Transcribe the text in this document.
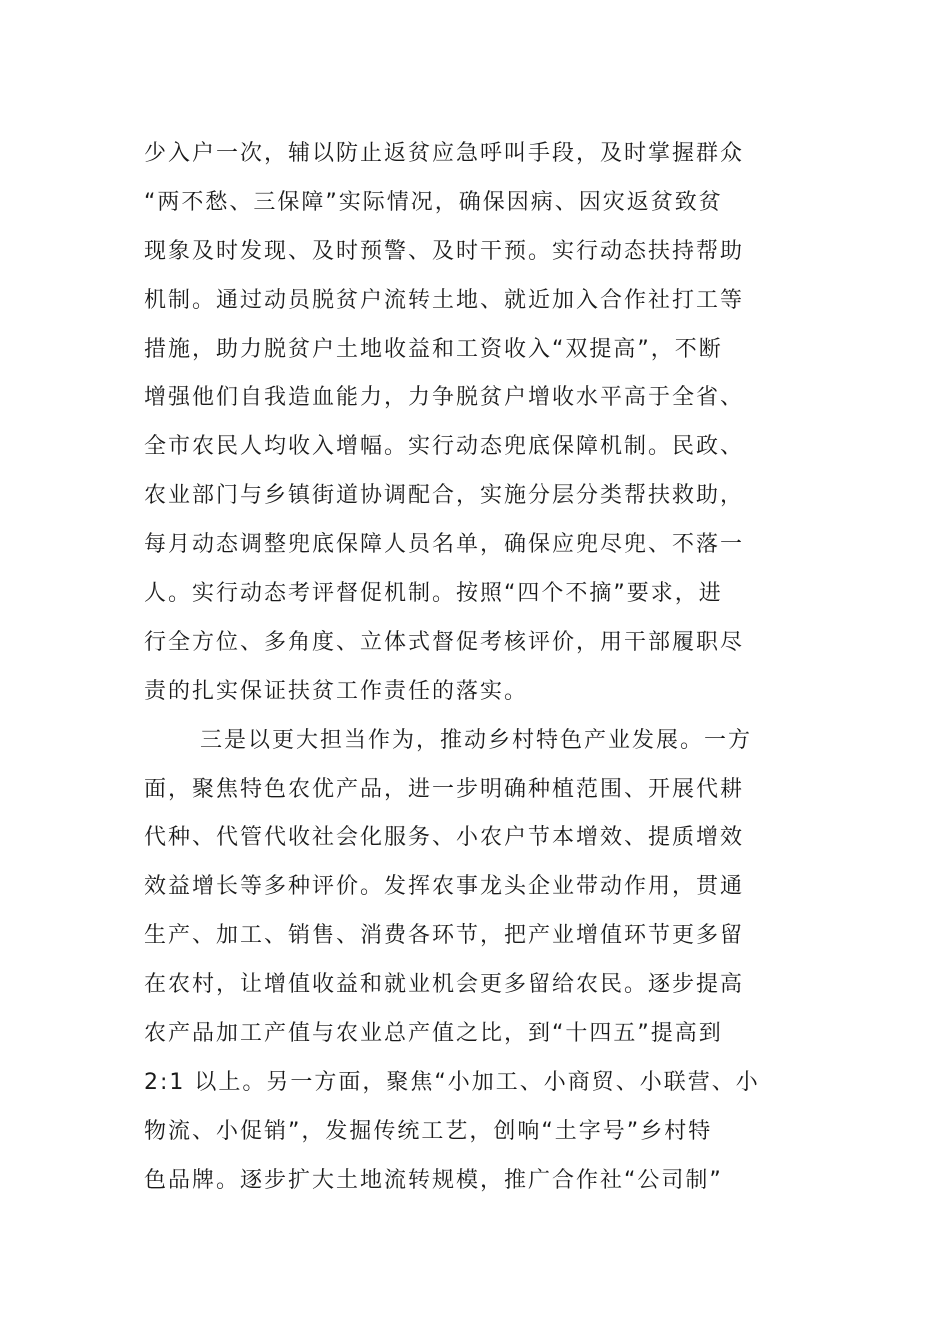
少入户一次，辅以防止返贫应急呼叫手段，及时掌握群众
“两不愁、三保障”实际情况，确保因病、因灾返贫致贫
现象及时发现、及时预警、及时干预。实行动态扶持帮助
机制。通过动员脱贫户流转土地、就近加入合作社打工等
措施，助力脱贫户土地收益和工资收入“双提高”，不断
增强他们自我造血能力，力争脱贫户增收水平高于全省、
全市农民人均收入增幅。实行动态兜底保障机制。民政、
农业部门与乡镇街道协调配合，实施分层分类帮扶救助，
每月动态调整兜底保障人员名单，确保应兜尽兜、不落一
人。实行动态考评督促机制。按照“四个不摘”要求，进
行全方位、多角度、立体式督促考核评价，用干部履职尽
责的扎实保证扶贫工作责任的落实。
三是以更大担当作为，推动乡村特色产业发展。一方
面，聚焦特色农优产品，进一步明确种植范围、开展代耕
代种、代管代收社会化服务、小农户节本增效、提质增效
效益增长等多种评价。发挥农事龙头企业带动作用，贯通
生产、加工、销售、消费各环节，把产业增值环节更多留
在农村，让增值收益和就业机会更多留给农民。逐步提高
农产品加工产值与农业总产值之比，到“十四五”提高到
2:1 以上。另一方面，聚焦“小加工、小商贸、小联营、小
物流、小促销”，发掘传统工艺，创响“土字号”乡村特
色品牌。逐步扩大土地流转规模，推广合作社“公司制”
